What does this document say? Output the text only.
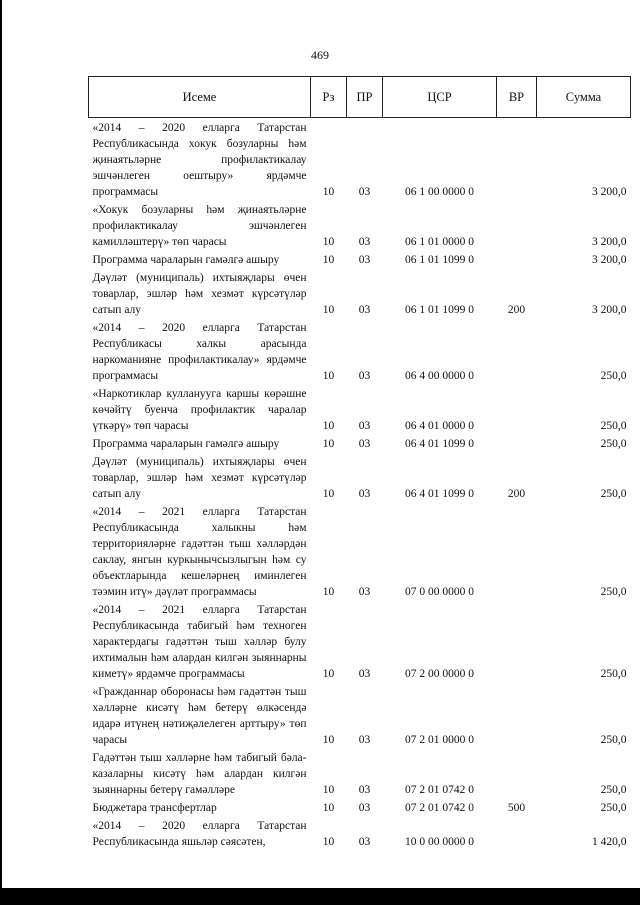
469
Исеме	Рз	ПР	ЦСР	ВР	Сумма
«2014 – 2020 елларга Татарстан Республикасында хокук бозуларны һәм җинаятьләрне профилактикалау эшчәнлеген оештыру» ярдәмче программасы	10	03	06 1 00 0000 0		3 200,0
«Хокук бозуларны һәм җинаятьләрне профилактикалау эшчәнлеген камилләштерү» төп чарасы	10	03	06 1 01 0000 0		3 200,0
Программа чараларын гамәлгә ашыру	10	03	06 1 01 1099 0		3 200,0
Дәүләт (муниципаль) ихтыяҗлары өчен товарлар, эшләр һәм хезмәт күрсәтүләр сатып алу	10	03	06 1 01 1099 0	200	3 200,0
«2014 – 2020 елларга Татарстан Республикасы халкы арасында наркоманияне профилактикалау» ярдәмче программасы	10	03	06 4 00 0000 0		250,0
«Наркотиклар кулланууга каршы көрәшне көчәйтү буенча профилактик чаралар үткәрү» төп чарасы	10	03	06 4 01 0000 0		250,0
Программа чараларын гамәлгә ашыру	10	03	06 4 01 1099 0		250,0
Дәүләт (муниципаль) ихтыяҗлары өчен товарлар, эшләр һәм хезмәт күрсәтүләр сатып алу	10	03	06 4 01 1099 0	200	250,0
«2014 – 2021 елларга Татарстан Республикасында халыкны һәм территорияләрне гадәттән тыш хәлләрдән саклау, янгын куркынычсызлыгын һәм су объектларында кешеләрнең иминлеген тәэмин итү» дәүләт программасы	10	03	07 0 00 0000 0		250,0
«2014 – 2021 елларга Татарстан Республикасында табигый һәм техноген характердагы гадәттән тыш хәлләр булу ихтималын һәм алардан килгән зыяннарны киметү» ярдәмче программасы	10	03	07 2 00 0000 0		250,0
«Гражданнар оборонасы һәм гадәттән тыш хәлләрне кисәтү һәм бетерү өлкәсендә идарә итүнең нәтиҗәлелеген арттыру» төп чарасы	10	03	07 2 01 0000 0		250,0
Гадәттән тыш хәлләрне һәм табигый бәла-казаларны кисәтү һәм алардан килгән зыяннарны бетерү гамәлләре	10	03	07 2 01 0742 0		250,0
Бюджетара трансфертлар	10	03	07 2 01 0742 0	500	250,0
«2014 – 2020 елларга Татарстан Республикасында яшьләр сәясәтен,	10	03	10 0 00 0000 0		1 420,0
